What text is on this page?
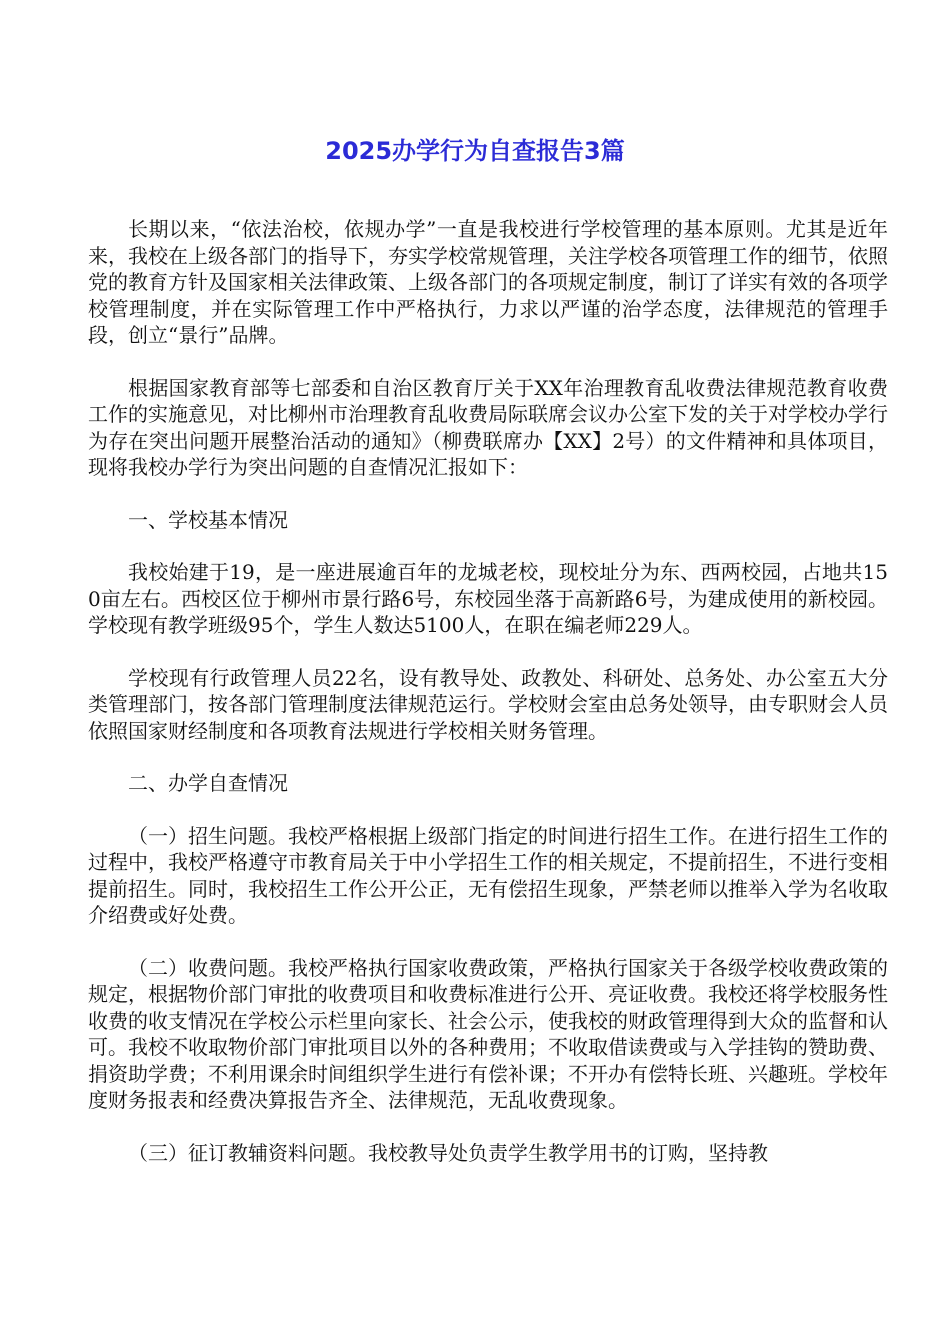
2025办学行为自查报告3篇

长期以来，“依法治校，依规办学”一直是我校进行学校管理的基本原则。尤其是近年来，我校在上级各部门的指导下，夯实学校常规管理，关注学校各项管理工作的细节，依照党的教育方针及国家相关法律政策、上级各部门的各项规定制度，制订了详实有效的各项学校管理制度，并在实际管理工作中严格执行，力求以严谨的治学态度，法律规范的管理手段，创立“景行”品牌。

根据国家教育部等七部委和自治区教育厅关于XX年治理教育乱收费法律规范教育收费工作的实施意见，对比柳州市治理教育乱收费局际联席会议办公室下发的关于对学校办学行为存在突出问题开展整治活动的通知》（柳费联席办【XX】2号）的文件精神和具体项目，现将我校办学行为突出问题的自查情况汇报如下：

一、学校基本情况

我校始建于19，是一座进展逾百年的龙城老校，现校址分为东、西两校园，占地共150亩左右。西校区位于柳州市景行路6号，东校园坐落于高新路6号，为建成使用的新校园。学校现有教学班级95个，学生人数达5100人，在职在编老师229人。

学校现有行政管理人员22名，设有教导处、政教处、科研处、总务处、办公室五大分类管理部门，按各部门管理制度法律规范运行。学校财会室由总务处领导，由专职财会人员依照国家财经制度和各项教育法规进行学校相关财务管理。

二、办学自查情况

（一）招生问题。我校严格根据上级部门指定的时间进行招生工作。在进行招生工作的过程中，我校严格遵守市教育局关于中小学招生工作的相关规定，不提前招生，不进行变相提前招生。同时，我校招生工作公开公正，无有偿招生现象，严禁老师以推举入学为名收取介绍费或好处费。

（二）收费问题。我校严格执行国家收费政策，严格执行国家关于各级学校收费政策的规定，根据物价部门审批的收费项目和收费标准进行公开、亮证收费。我校还将学校服务性收费的收支情况在学校公示栏里向家长、社会公示，使我校的财政管理得到大众的监督和认可。我校不收取物价部门审批项目以外的各种费用；不收取借读费或与入学挂钩的赞助费、捐资助学费；不利用课余时间组织学生进行有偿补课；不开办有偿特长班、兴趣班。学校年度财务报表和经费决算报告齐全、法律规范，无乱收费现象。

（三）征订教辅资料问题。我校教导处负责学生教学用书的订购，坚持教
